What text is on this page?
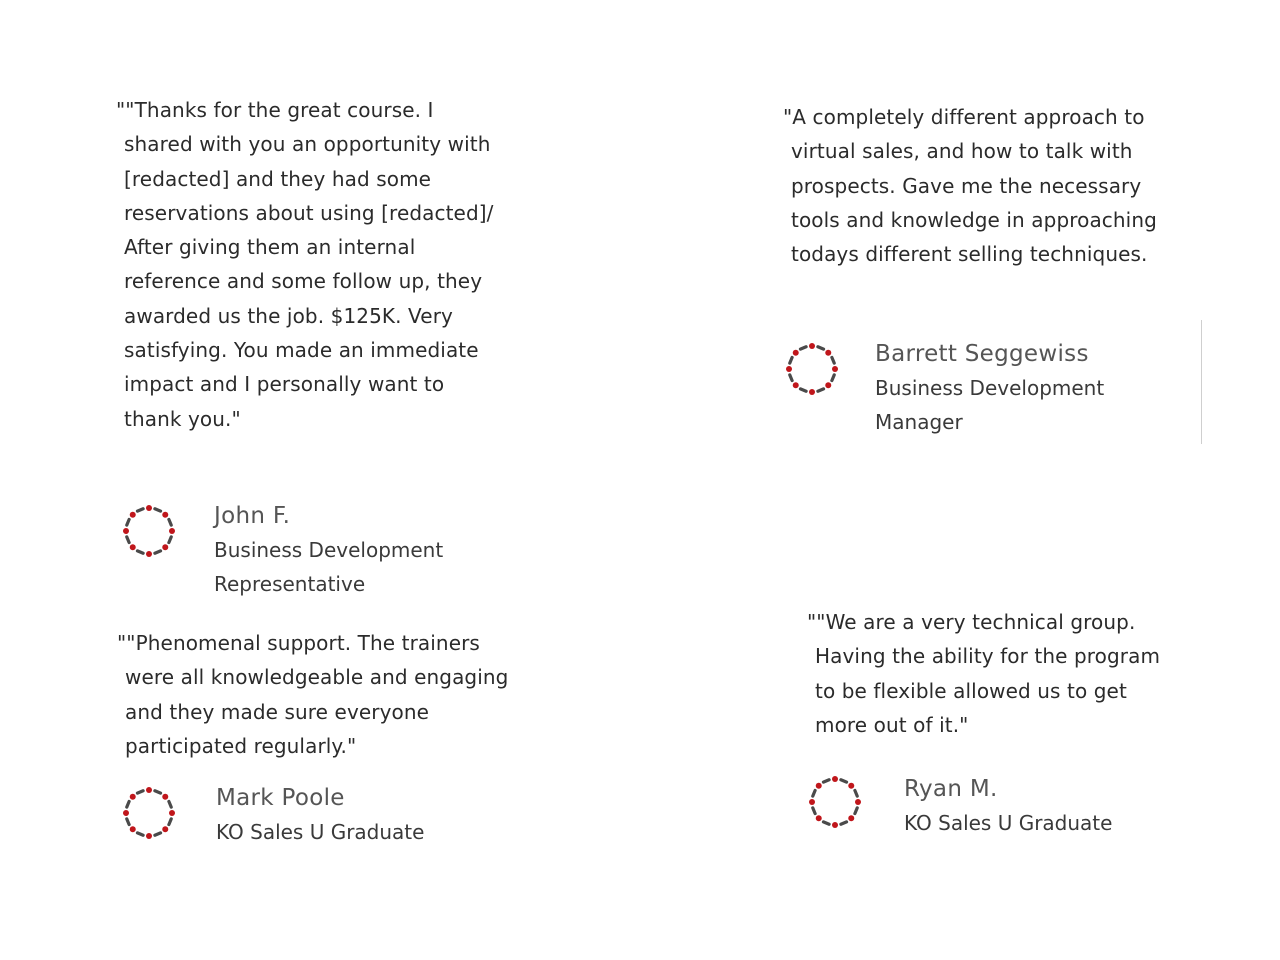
""Thanks for the great course. I shared with you an opportunity with [redacted] and they had some reservations about using [redacted]/ After giving them an internal reference and some follow up, they awarded us the job. $125K. Very satisfying. You made an immediate impact and I personally want to thank you."

John F.
Business Development Representative

"A completely different approach to virtual sales, and how to talk with prospects. Gave me the necessary tools and knowledge in approaching todays different selling techniques.

Barrett Seggewiss
Business Development Manager

""Phenomenal support. The trainers were all knowledgeable and engaging and they made sure everyone participated regularly."

Mark Poole
KO Sales U Graduate

""We are a very technical group. Having the ability for the program to be flexible allowed us to get more out of it."

Ryan M.
KO Sales U Graduate
